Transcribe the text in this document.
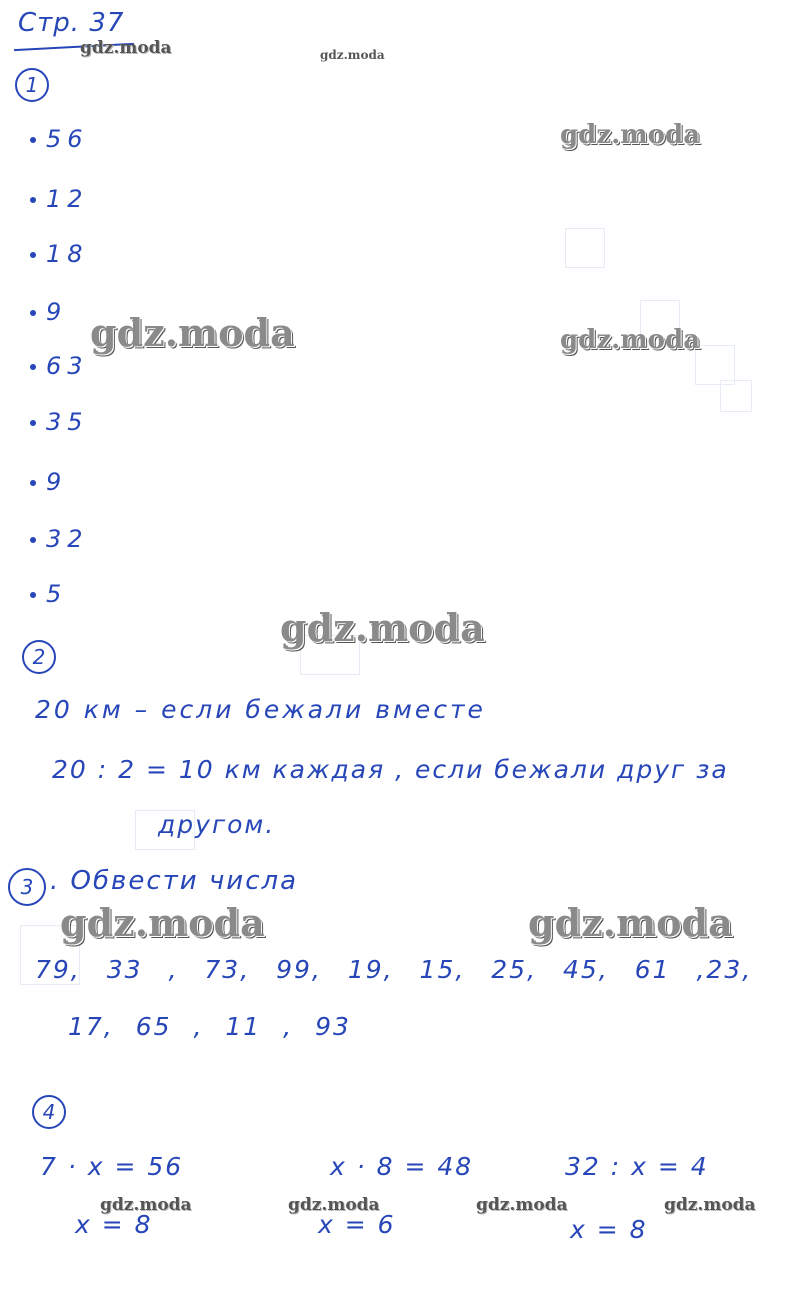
Стр. 37
gdz.moda	gdz.moda
gdz.moda
gdz.moda	gdz.moda
gdz.moda
gdz.moda	gdz.moda
gdz.moda	gdz.moda	gdz.moda	gdz.moda
1
56
12
18
9
63
35
9
32
5
2
20 км – если бежали вместе
20 : 2 = 10 км каждая , если бежали друг за
другом.
3 . Обвести числа
79, 33 , 73, 99, 19, 15, 25, 45, 61 ,23,
17, 65 , 11 , 93
4
7 · x = 56	x · 8 = 48	32 : x = 4
x = 8	x = 6	x = 8
